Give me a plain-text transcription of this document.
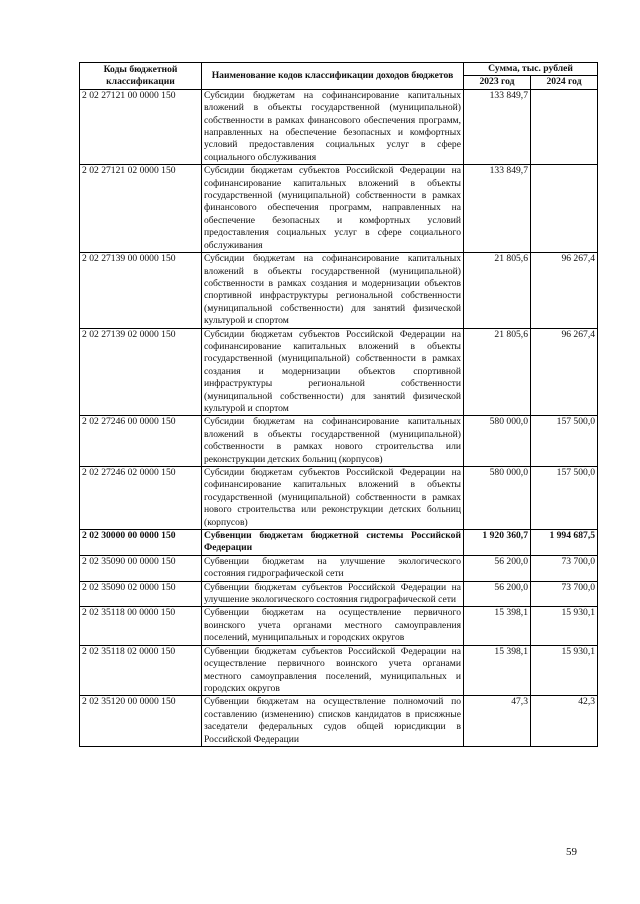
Коды бюджетной классификации	Наименование кодов классификации доходов бюджетов	Сумма, тыс. рублей	
		2023 год	2024 год
2 02 27121 00 0000 150	Субсидии бюджетам на софинансирование капитальных вложений в объекты государственной (муниципальной) собственности в рамках финансового обеспечения программ, направленных на обеспечение безопасных и комфортных условий предоставления социальных услуг в сфере социального обслуживания	133 849,7	
2 02 27121 02 0000 150	Субсидии бюджетам субъектов Российской Федерации на софинансирование капитальных вложений в объекты государственной (муниципальной) собственности в рамках финансового обеспечения программ, направленных на обеспечение безопасных и комфортных условий предоставления социальных услуг в сфере социального обслуживания	133 849,7	
2 02 27139 00 0000 150	Субсидии бюджетам на софинансирование капитальных вложений в объекты государственной (муниципальной) собственности в рамках создания и модернизации объектов спортивной инфраструктуры региональной собственности (муниципальной собственности) для занятий физической культурой и спортом	21 805,6	96 267,4
2 02 27139 02 0000 150	Субсидии бюджетам субъектов Российской Федерации на софинансирование капитальных вложений в объекты государственной (муниципальной) собственности в рамках создания и модернизации объектов спортивной инфраструктуры региональной собственности (муниципальной собственности) для занятий физической культурой и спортом	21 805,6	96 267,4
2 02 27246 00 0000 150	Субсидии бюджетам на софинансирование капитальных вложений в объекты государственной (муниципальной) собственности в рамках нового строительства или реконструкции детских больниц (корпусов)	580 000,0	157 500,0
2 02 27246 02 0000 150	Субсидии бюджетам субъектов Российской Федерации на софинансирование капитальных вложений в объекты государственной (муниципальной) собственности в рамках нового строительства или реконструкции детских больниц (корпусов)	580 000,0	157 500,0
2 02 30000 00 0000 150	Субвенции бюджетам бюджетной системы Российской Федерации	1 920 360,7	1 994 687,5
2 02 35090 00 0000 150	Субвенции бюджетам на улучшение экологического состояния гидрографической сети	56 200,0	73 700,0
2 02 35090 02 0000 150	Субвенции бюджетам субъектов Российской Федерации на улучшение экологического состояния гидрографической сети	56 200,0	73 700,0
2 02 35118 00 0000 150	Субвенции бюджетам на осуществление первичного воинского учета органами местного самоуправления поселений, муниципальных и городских округов	15 398,1	15 930,1
2 02 35118 02 0000 150	Субвенции бюджетам субъектов Российской Федерации на осуществление первичного воинского учета органами местного самоуправления поселений, муниципальных и городских округов	15 398,1	15 930,1
2 02 35120 00 0000 150	Субвенции бюджетам на осуществление полномочий по составлению (изменению) списков кандидатов в присяжные заседатели федеральных судов общей юрисдикции в Российской Федерации	47,3	42,3
59
